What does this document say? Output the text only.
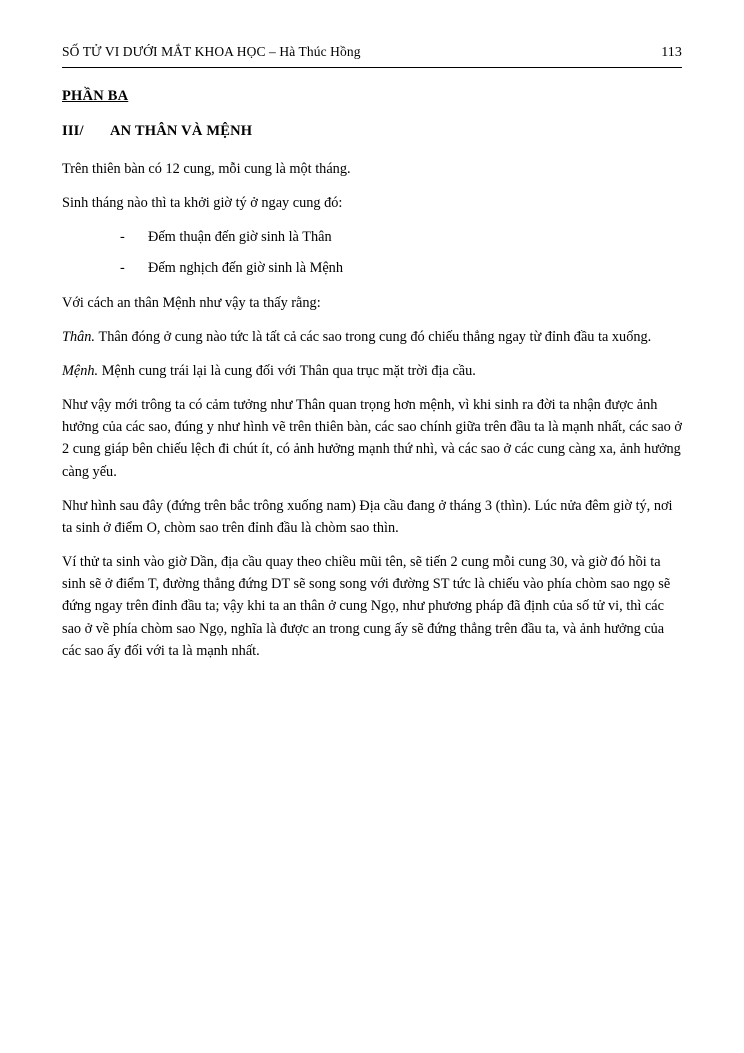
SỐ TỬ VI DƯỚI MẮT KHOA HỌC – Hà Thúc Hồng	113
PHẦN BA
III/	AN THÂN VÀ MỆNH

Trên thiên bàn có 12 cung, mỗi cung là một tháng.

Sinh tháng nào thì ta khởi giờ tý ở ngay cung đó:

- Đếm thuận đến giờ sinh là Thân
- Đếm nghịch đến giờ sinh là Mệnh

Với cách an thân Mệnh như vậy ta thấy rằng:

Thân. Thân đóng ở cung nào tức là tất cả các sao trong cung đó chiếu thẳng ngay từ đỉnh đầu ta xuống.

Mệnh. Mệnh cung trái lại là cung đối với Thân qua trục mặt trời địa cầu.

Như vậy mới trông ta có cảm tưởng như Thân quan trọng hơn mệnh, vì khi sinh ra đời ta nhận được ảnh hưởng của các sao, đúng y như hình vẽ trên thiên bàn, các sao chính giữa trên đầu ta là mạnh nhất, các sao ở 2 cung giáp bên chiếu lệch đi chút ít, có ảnh hưởng mạnh thứ nhì, và các sao ở các cung càng xa, ảnh hưởng càng yếu.

Như hình sau đây (đứng trên bắc trông xuống nam) Địa cầu đang ở tháng 3 (thìn). Lúc nửa đêm giờ tý, nơi ta sinh ở điểm O, chòm sao trên đỉnh đầu là chòm sao thìn.

Ví thử ta sinh vào giờ Dần, địa cầu quay theo chiều mũi tên, sẽ tiến 2 cung mỗi cung 30, và giờ đó hồi ta sinh sẽ ở điểm T, đường thẳng đứng DT sẽ song song với đường ST tức là chiếu vào phía chòm sao ngọ sẽ đứng ngay trên đỉnh đầu ta; vậy khi ta an thân ở cung Ngọ, như phương pháp đã định của số tử vi, thì các sao ở về phía chòm sao Ngọ, nghĩa là được an trong cung ấy sẽ đứng thẳng trên đầu ta, và ảnh hưởng của các sao ấy đối với ta là mạnh nhất.
